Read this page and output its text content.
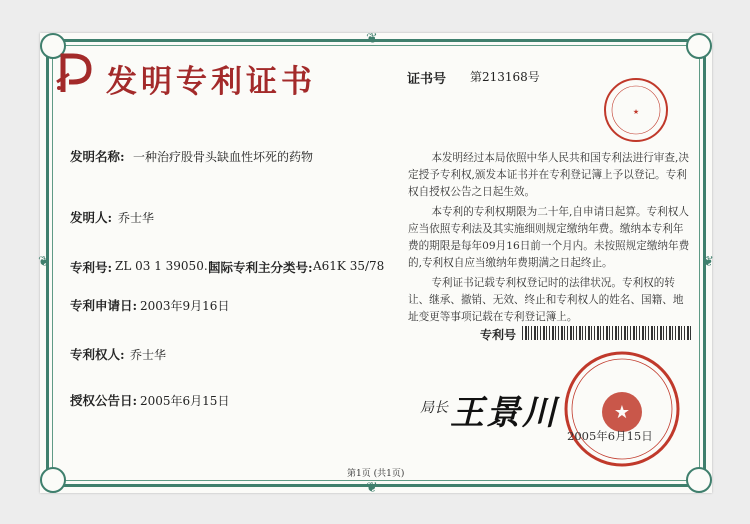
❦
❦
❦	❦
发明专利证书	证书号 第213168号
★
发明名称: 一种治疗股骨头缺血性坏死的药物
发明人: 乔士华
专利号: ZL 03 1 39050.1
国际专利主分类号: A61K 35/78
专利申请日: 2003年9月16日
专利权人: 乔士华
授权公告日: 2005年6月15日

本发明经过本局依照中华人民共和国专利法进行审查,决定授予专利权,颁发本证书并在专利登记簿上予以登记。专利权自授权公告之日起生效。

本专利的专利权期限为二十年,自申请日起算。专利权人应当依照专利法及其实施细则规定缴纳年费。缴纳本专利年费的期限是每年09月16日前一个月内。未按照规定缴纳年费的,专利权自应当缴纳年费期满之日起终止。

专利证书记载专利权登记时的法律状况。专利权的转让、继承、撤销、无效、终止和专利权人的姓名、国籍、地址变更等事项记载在专利登记簿上。

专利号
局长 王景川	★
2005年6月15日
第1页 (共1页)
